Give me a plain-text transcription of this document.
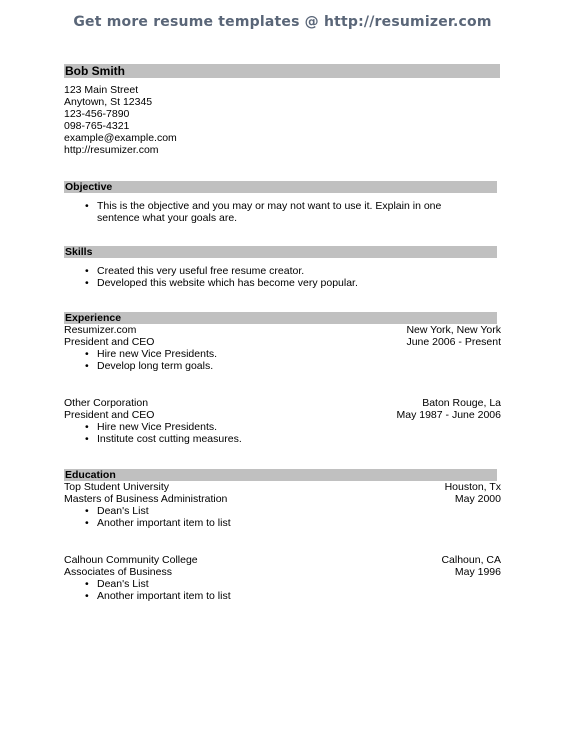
Get more resume templates @ http://resumizer.com
Bob Smith
123 Main Street
Anytown, St 12345
123-456-7890
098-765-4321
example@example.com
http://resumizer.com
Objective
• This is the objective and you may or may not want to use it. Explain in one sentence what your goals are.
Skills
• Created this very useful free resume creator.
• Developed this website which has become very popular.
Experience
Resumizer.com	New York, New York
President and CEO	June 2006 - Present
• Hire new Vice Presidents.
• Develop long term goals.
Other Corporation	Baton Rouge, La
President and CEO	May 1987 - June 2006
• Hire new Vice Presidents.
• Institute cost cutting measures.
Education
Top Student University	Houston, Tx
Masters of Business Administration	May 2000
• Dean's List
• Another important item to list
Calhoun Community College	Calhoun, CA
Associates of Business	May 1996
• Dean's List
• Another important item to list
